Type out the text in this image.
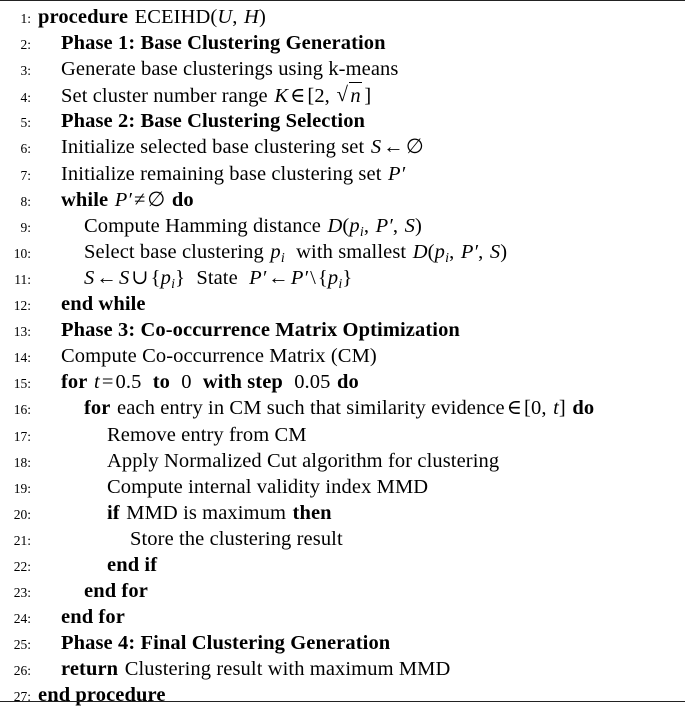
1: procedure ECEIHD(U, H)
2:	Phase 1: Base Clustering Generation
3:	Generate base clusterings using k-means
4:	Set cluster number range K∈[2, √ n ]
5:	Phase 2: Base Clustering Selection
6:	Initialize selected base clustering set S←∅
7:	Initialize remaining base clustering set P′
8:	while P′≠∅ do
9:	Compute Hamming distance $D(p_i$, P′, S)
10:	Select base clustering $p_i$ with smallest $D(p_i$, P′, S)
11:	$S\leftarrow S\cup\{p_i\}$ State $P'\leftarrow P'\backslash\{p_i\}$
12:	end while
13:	Phase 3: Co-occurrence Matrix Optimization
14:	Compute Co-occurrence Matrix (CM)
15:	for t=0.5 to 0 with step 0.05 do
16:	for each entry in CM such that similarity evidence∈[0, t] do
17:	Remove entry from CM
18:	Apply Normalized Cut algorithm for clustering
19:	Compute internal validity index MMD
20:	if MMD is maximum then
21:	Store the clustering result
22:	end if
23:	end for
24:	end for
25:	Phase 4: Final Clustering Generation
26:	return Clustering result with maximum MMD
27: end procedure
